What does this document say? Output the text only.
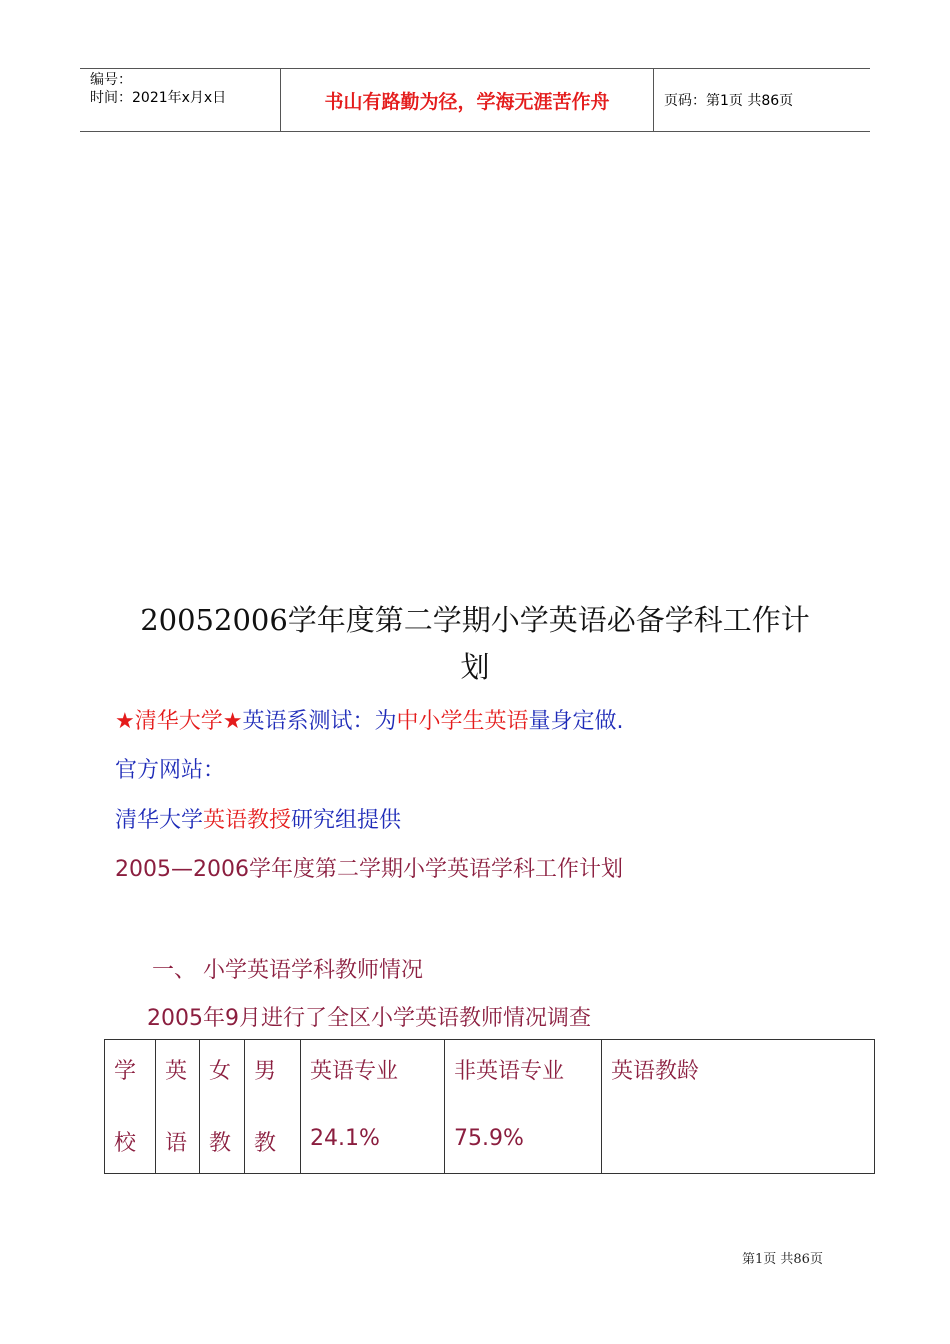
编号：
时间：2021年x月x日	书山有路勤为径，学海无涯苦作舟	页码：第1页 共86页
20052006学年度第二学期小学英语必备学科工作计
划
★清华大学★英语系测试：为中小学生英语量身定做.
官方网站：
清华大学英语教授研究组提供
2005—2006学年度第二学期小学英语学科工作计划
一、 小学英语学科教师情况
2005年9月进行了全区小学英语教师情况调查
学
校
英
语
女
教
男
教
英语专业
24.1%
非英语专业
75.9%
英语教龄
第1页 共86页
